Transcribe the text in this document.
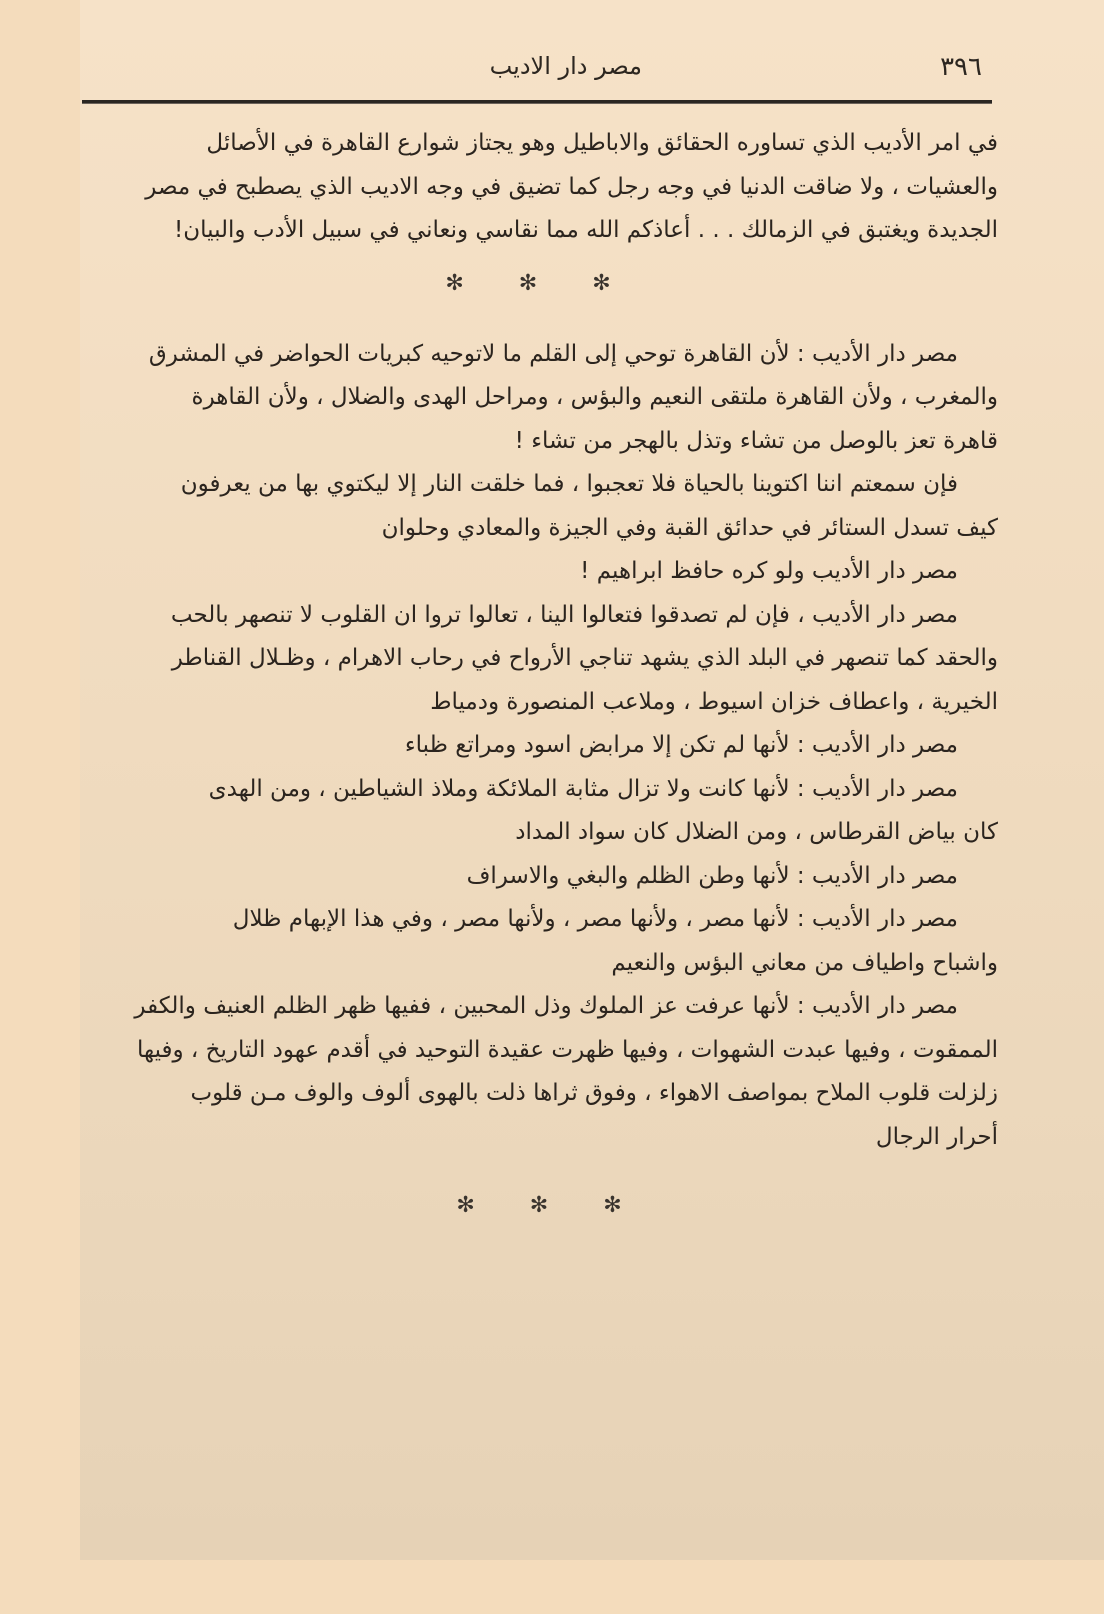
٣٩٦
مصر دار الاديب
في امر الأديب الذي تساوره الحقائق والاباطيل وهو يجتاز شوارع القاهرة في الأصائل
والعشيات ، ولا ضاقت الدنيا في وجه رجل كما تضيق في وجه الاديب الذي يصطبح في مصر
الجديدة ويغتبق في الزمالك . . . أعاذكم الله مما نقاسي ونعاني في سبيل الأدب والبيان!
✻ ✻ ✻
مصر دار الأديب : لأن القاهرة توحي إلى القلم ما لاتوحيه كبريات الحواضر في المشرق
والمغرب ، ولأن القاهرة ملتقى النعيم والبؤس ، ومراحل الهدى والضلال ، ولأن القاهرة
قاهرة تعز بالوصل من تشاء وتذل بالهجر من تشاء !
فإن سمعتم اننا اكتوينا بالحياة فلا تعجبوا ، فما خلقت النار إلا ليكتوي بها من يعرفون
كيف تسدل الستائر في حدائق القبة وفي الجيزة والمعادي وحلوان
مصر دار الأديب ولو كره حافظ ابراهيم !
مصر دار الأديب ، فإن لم تصدقوا فتعالوا الينا ، تعالوا تروا ان القلوب لا تنصهر بالحب
والحقد كما تنصهر في البلد الذي يشهد تناجي الأرواح في رحاب الاهرام ، وظـلال القناطر
الخيرية ، واعطاف خزان اسيوط ، وملاعب المنصورة ودمياط
مصر دار الأديب : لأنها لم تكن إلا مرابض اسود ومراتع ظباء
مصر دار الأديب : لأنها كانت ولا تزال مثابة الملائكة وملاذ الشياطين ، ومن الهدى
كان بياض القرطاس ، ومن الضلال كان سواد المداد
مصر دار الأديب : لأنها وطن الظلم والبغي والاسراف
مصر دار الأديب : لأنها مصر ، ولأنها مصر ، ولأنها مصر ، وفي هذا الإبهام ظلال
واشباح واطياف من معاني البؤس والنعيم
مصر دار الأديب : لأنها عرفت عز الملوك وذل المحبين ، ففيها ظهر الظلم العنيف والكفر
الممقوت ، وفيها عبدت الشهوات ، وفيها ظهرت عقيدة التوحيد في أقدم عهود التاريخ ، وفيها
زلزلت قلوب الملاح بمواصف الاهواء ، وفوق ثراها ذلت بالهوى ألوف والوف مـن قلوب
أحرار الرجال
✻ ✻ ✻
